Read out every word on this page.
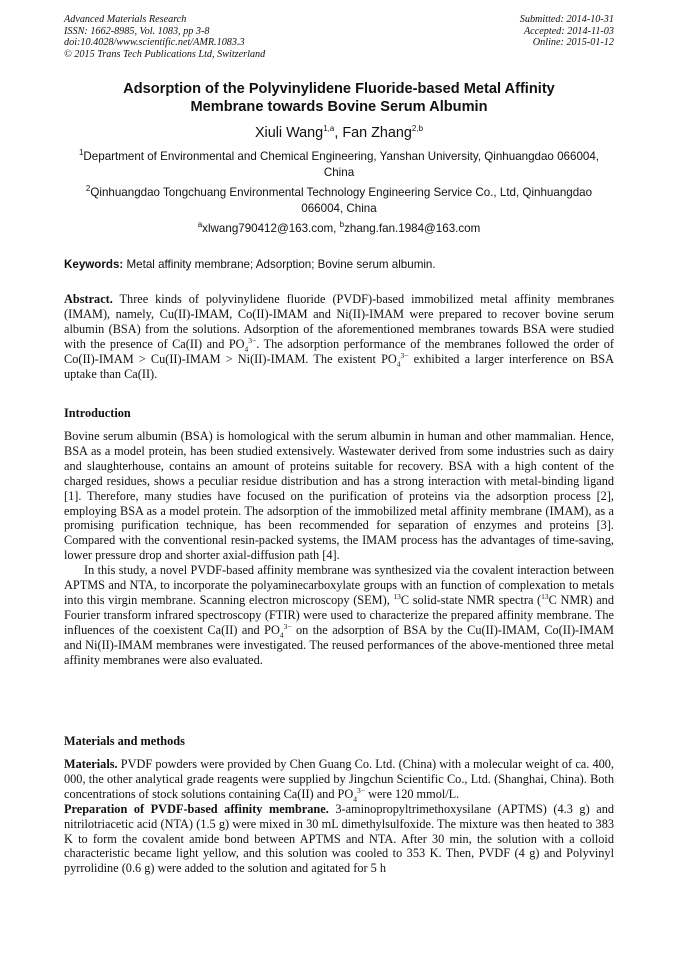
Advanced Materials Research
ISSN: 1662-8985, Vol. 1083, pp 3-8
doi:10.4028/www.scientific.net/AMR.1083.3
© 2015 Trans Tech Publications Ltd, Switzerland
Submitted: 2014-10-31
Accepted: 2014-11-03
Online: 2015-01-12
Adsorption of the Polyvinylidene Fluoride-based Metal Affinity
Membrane towards Bovine Serum Albumin
Xiuli Wang$^{1,a}$, Fan Zhang$^{2,b}$
$^1$Department of Environmental and Chemical Engineering, Yanshan University, Qinhuangdao 066004, China
$^2$Qinhuangdao Tongchuang Environmental Technology Engineering Service Co., Ltd, Qinhuangdao 066004, China
$^a$xlwang790412@163.com, $^b$zhang.fan.1984@163.com
Keywords: Metal affinity membrane; Adsorption; Bovine serum albumin.

Abstract. Three kinds of polyvinylidene fluoride (PVDF)-based immobilized metal affinity membranes (IMAM), namely, Cu(II)-IMAM, Co(II)-IMAM and Ni(II)-IMAM were prepared to recover bovine serum albumin (BSA) from the solutions. Adsorption of the aforementioned membranes towards BSA were studied with the presence of Ca(II) and $PO_4^{3-}$. The adsorption performance of the membranes followed the order of Co(II)-IMAM > Cu(II)-IMAM > Ni(II)-IMAM. The existent $PO_4^{3-}$ exhibited a larger interference on BSA uptake than Ca(II).

Introduction

Bovine serum albumin (BSA) is homological with the serum albumin in human and other mammalian. Hence, BSA as a model protein, has been studied extensively. Wastewater derived from some industries such as dairy and slaughterhouse, contains an amount of proteins suitable for recovery. BSA with a high content of the charged residues, shows a peculiar residue distribution and has a strong interaction with metal-binding ligand [1]. Therefore, many studies have focused on the purification of proteins via the adsorption process [2], employing BSA as a model protein. The adsorption of the immobilized metal affinity membrane (IMAM), as a promising purification technique, has been recommended for separation of enzymes and proteins [3]. Compared with the conventional resin-packed systems, the IMAM process has the advantages of time-saving, lower pressure drop and shorter axial-diffusion path [4].

In this study, a novel PVDF-based affinity membrane was synthesized via the covalent interaction between APTMS and NTA, to incorporate the polyaminecarboxylate groups with an function of complexation to metals into this virgin membrane. Scanning electron microscopy (SEM), $^{13}$C solid-state NMR spectra ($^{13}$C NMR) and Fourier transform infrared spectroscopy (FTIR) were used to characterize the prepared affinity membrane. The influences of the coexistent Ca(II) and $PO_4^{3-}$ on the adsorption of BSA by the Cu(II)-IMAM, Co(II)-IMAM and Ni(II)-IMAM membranes were investigated. The reused performances of the above-mentioned three metal affinity membranes were also evaluated.

Materials and methods

Materials. PVDF powders were provided by Chen Guang Co. Ltd. (China) with a molecular weight of ca. 400, 000, the other analytical grade reagents were supplied by Jingchun Scientific Co., Ltd. (Shanghai, China). Both concentrations of stock solutions containing Ca(II) and $PO_4^{3-}$ were 120 mmol/L.

Preparation of PVDF-based affinity membrane. 3-aminopropyltrimethoxysilane (APTMS) (4.3 g) and nitrilotriacetic acid (NTA) (1.5 g) were mixed in 30 mL dimethylsulfoxide. The mixture was then heated to 383 K to form the covalent amide bond between APTMS and NTA. After 30 min, the solution with a colloid characteristic became light yellow, and this solution was cooled to 353 K. Then, PVDF (4 g) and Polyvinyl pyrrolidine (0.6 g) were added to the solution and agitated for 5 h
